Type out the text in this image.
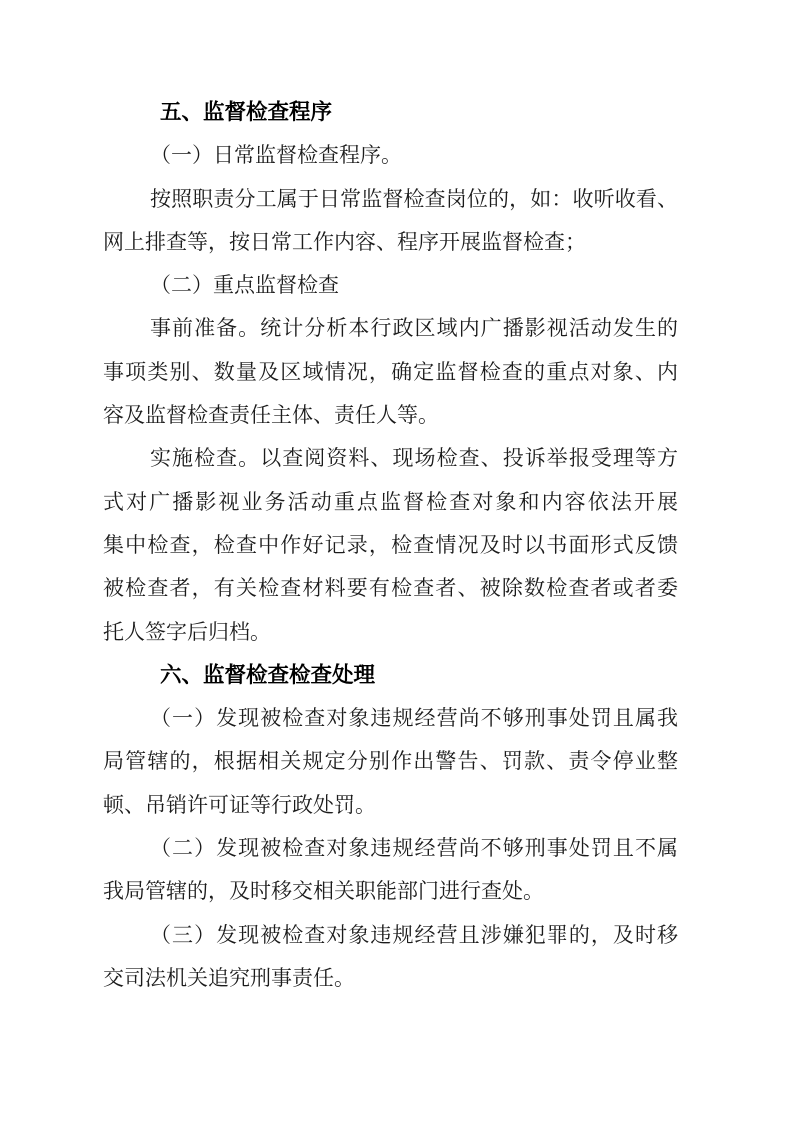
五、监督检查程序
（一）日常监督检查程序。
按照职责分工属于日常监督检查岗位的，如：收听收看、
网上排查等，按日常工作内容、程序开展监督检查；
（二）重点监督检查
事前准备。统计分析本行政区域内广播影视活动发生的
事项类别、数量及区域情况，确定监督检查的重点对象、内
容及监督检查责任主体、责任人等。
实施检查。以查阅资料、现场检查、投诉举报受理等方
式对广播影视业务活动重点监督检查对象和内容依法开展
集中检查，检查中作好记录，检查情况及时以书面形式反馈
被检查者，有关检查材料要有检查者、被除数检查者或者委
托人签字后归档。
六、监督检查检查处理
（一）发现被检查对象违规经营尚不够刑事处罚且属我
局管辖的，根据相关规定分别作出警告、罚款、责令停业整
顿、吊销许可证等行政处罚。
（二）发现被检查对象违规经营尚不够刑事处罚且不属
我局管辖的，及时移交相关职能部门进行查处。
（三）发现被检查对象违规经营且涉嫌犯罪的，及时移
交司法机关追究刑事责任。
